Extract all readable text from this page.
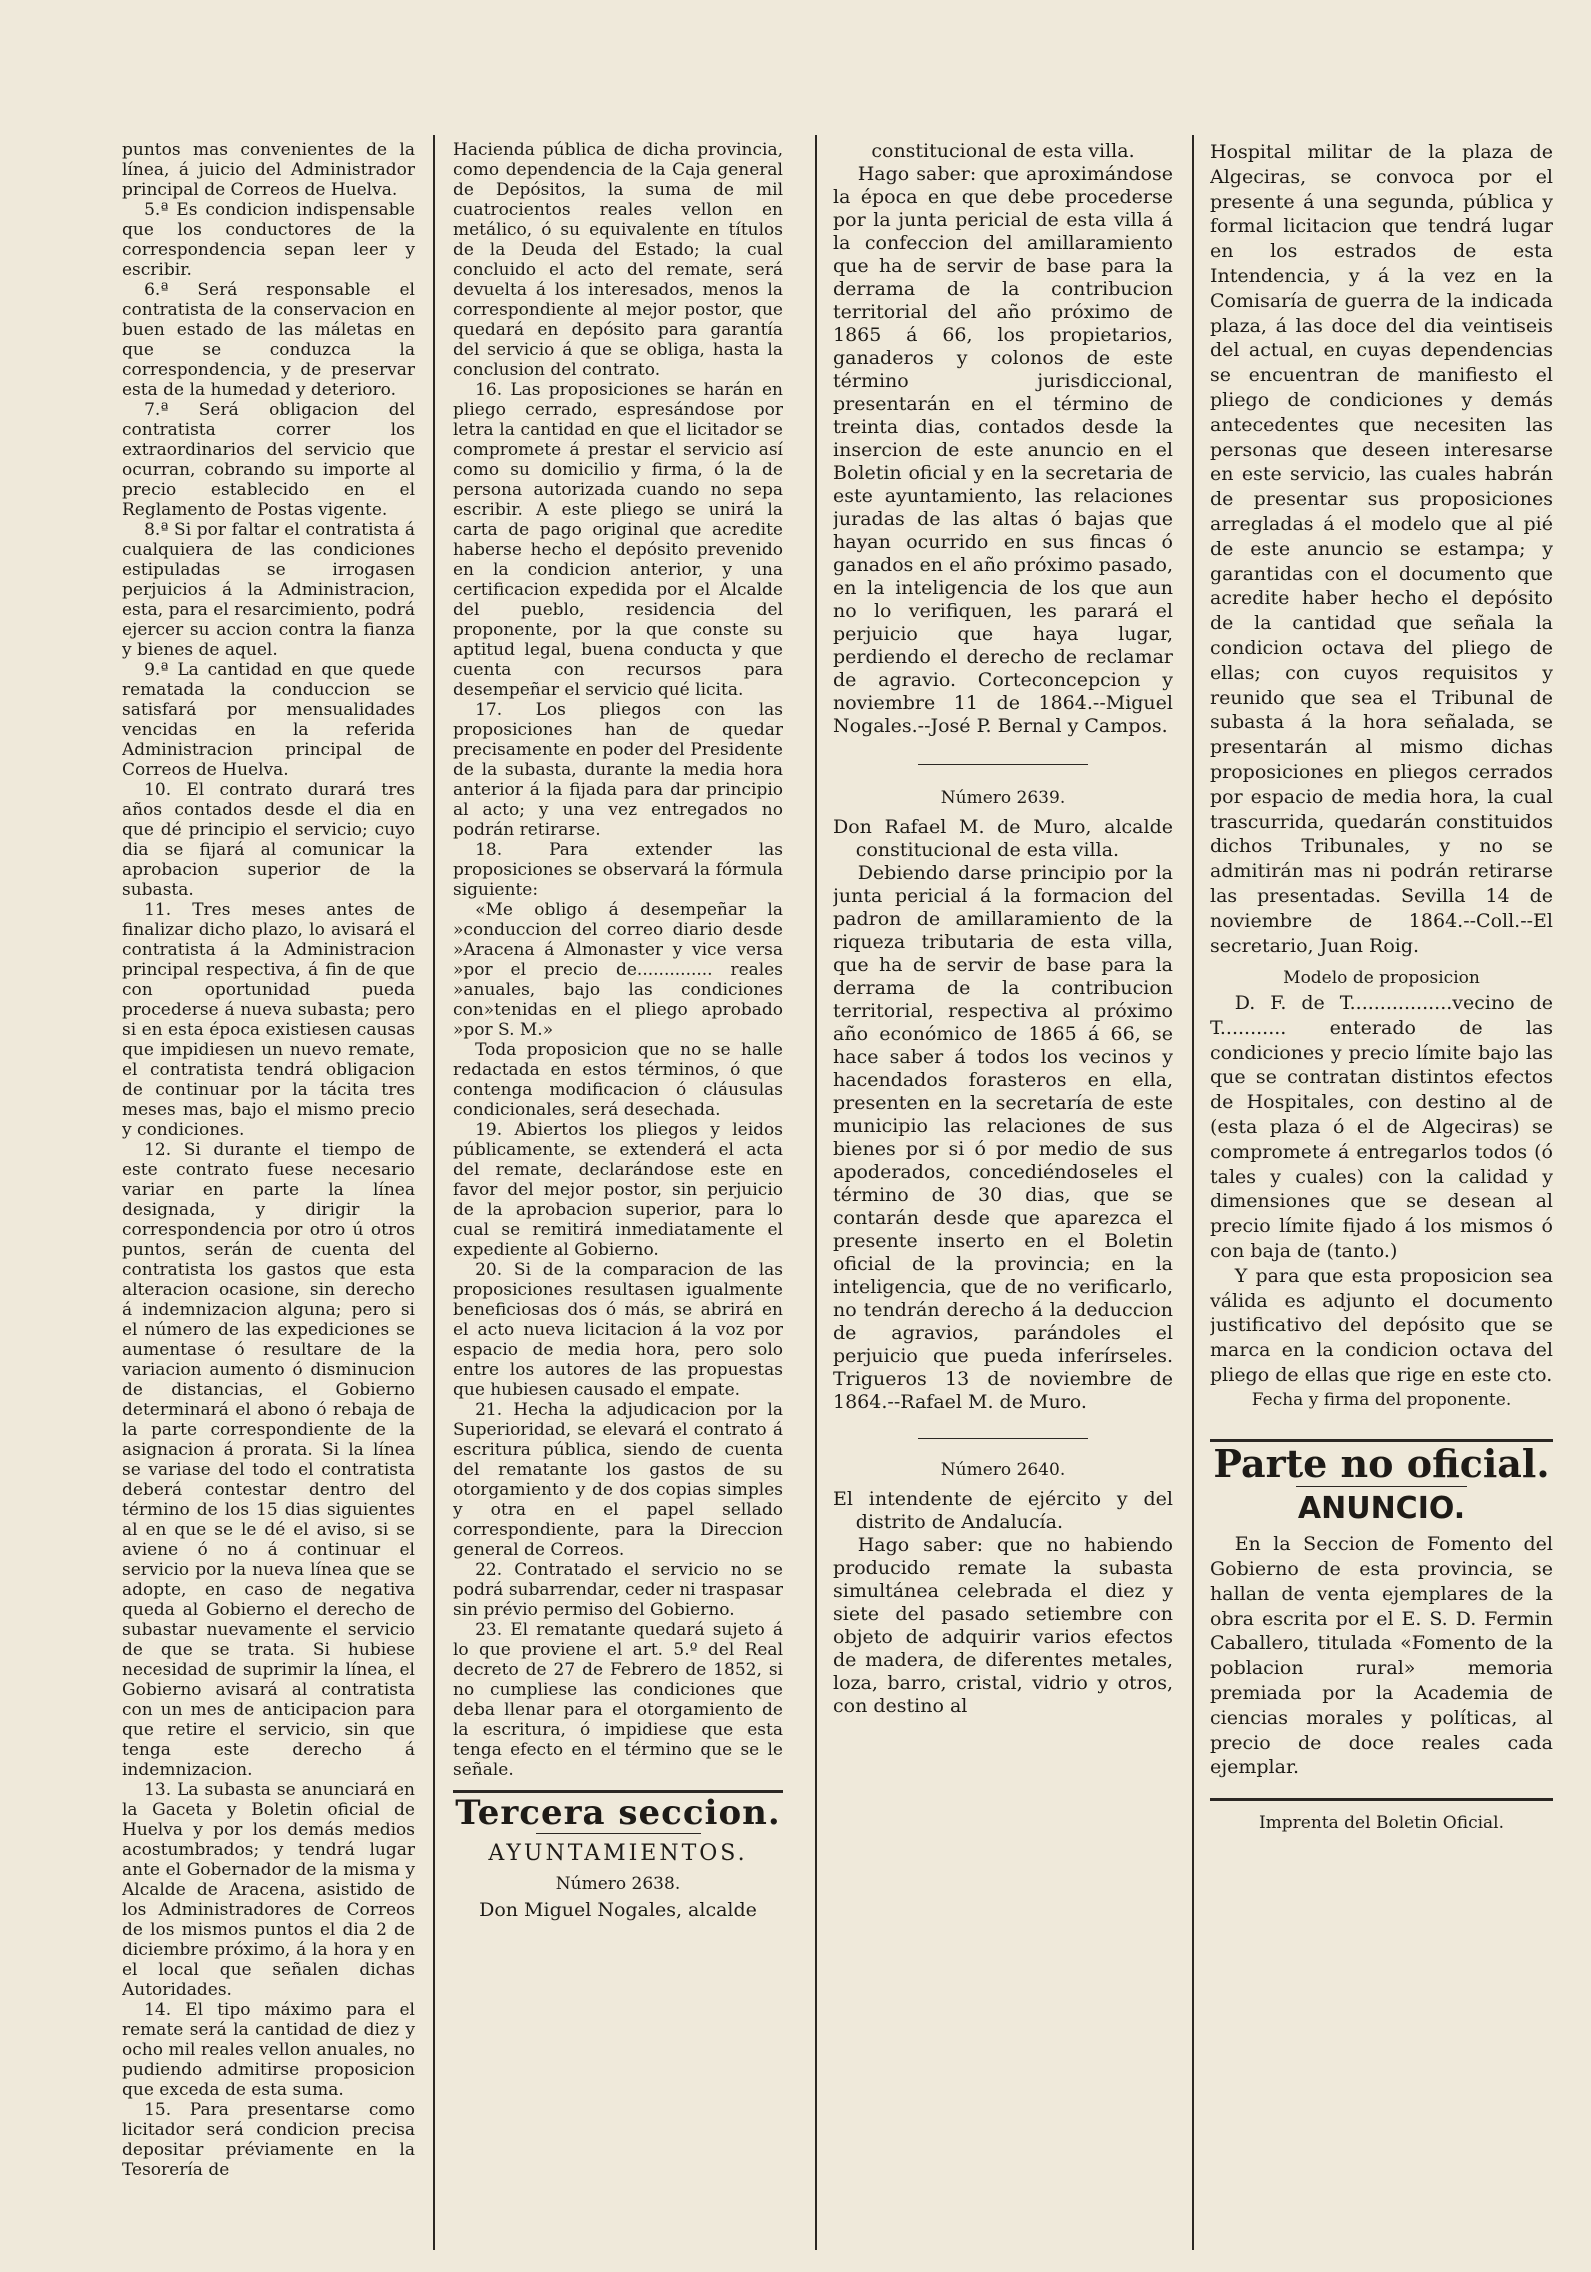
puntos mas convenientes de la línea, á juicio del Administrador principal de Correos de Huelva.

5.ª Es condicion indispensable que los conductores de la correspondencia sepan leer y escribir.

6.ª Será responsable el contratista de la conservacion en buen estado de las máletas en que se conduzca la correspondencia, y de preservar esta de la humedad y deterioro.

7.ª Será obligacion del contratista correr los extraordinarios del servicio que ocurran, cobrando su importe al precio establecido en el Reglamento de Postas vigente.

8.ª Si por faltar el contratista á cualquiera de las condiciones estipuladas se irrogasen perjuicios á la Administracion, esta, para el resarcimiento, podrá ejercer su accion contra la fianza y bienes de aquel.

9.ª La cantidad en que quede rematada la conduccion se satisfará por mensualidades vencidas en la referida Administracion principal de Correos de Huelva.

10. El contrato durará tres años contados desde el dia en que dé principio el servicio; cuyo dia se fijará al comunicar la aprobacion superior de la subasta.

11. Tres meses antes de finalizar dicho plazo, lo avisará el contratista á la Administracion principal respectiva, á fin de que con oportunidad pueda procederse á nueva subasta; pero si en esta época existiesen causas que impidiesen un nuevo remate, el contratista tendrá obligacion de continuar por la tácita tres meses mas, bajo el mismo precio y condiciones.

12. Si durante el tiempo de este contrato fuese necesario variar en parte la línea designada, y dirigir la correspondencia por otro ú otros puntos, serán de cuenta del contratista los gastos que esta alteracion ocasione, sin derecho á indemnizacion alguna; pero si el número de las expediciones se aumentase ó resultare de la variacion aumento ó disminucion de distancias, el Gobierno determinará el abono ó rebaja de la parte correspondiente de la asignacion á prorata. Si la línea se variase del todo el contratista deberá contestar dentro del término de los 15 dias siguientes al en que se le dé el aviso, si se aviene ó no á continuar el servicio por la nueva línea que se adopte, en caso de negativa queda al Gobierno el derecho de subastar nuevamente el servicio de que se trata. Si hubiese necesidad de suprimir la línea, el Gobierno avisará al contratista con un mes de anticipacion para que retire el servicio, sin que tenga este derecho á indemnizacion.

13. La subasta se anunciará en la Gaceta y Boletin oficial de Huelva y por los demás medios acostumbrados; y tendrá lugar ante el Gobernador de la misma y Alcalde de Aracena, asistido de los Administradores de Correos de los mismos puntos el dia 2 de diciembre próximo, á la hora y en el local que señalen dichas Autoridades.

14. El tipo máximo para el remate será la cantidad de diez y ocho mil reales vellon anuales, no pudiendo admitirse proposicion que exceda de esta suma.

15. Para presentarse como licitador será condicion precisa depositar préviamente en la Tesorería de

Hacienda pública de dicha provincia, como dependencia de la Caja general de Depósitos, la suma de mil cuatrocientos reales vellon en metálico, ó su equivalente en títulos de la Deuda del Estado; la cual concluido el acto del remate, será devuelta á los interesados, menos la correspondiente al mejor postor, que quedará en depósito para garantía del servicio á que se obliga, hasta la conclusion del contrato.

16. Las proposiciones se harán en pliego cerrado, espresándose por letra la cantidad en que el licitador se compromete á prestar el servicio así como su domicilio y firma, ó la de persona autorizada cuando no sepa escribir. A este pliego se unirá la carta de pago original que acredite haberse hecho el depósito prevenido en la condicion anterior, y una certificacion expedida por el Alcalde del pueblo, residencia del proponente, por la que conste su aptitud legal, buena conducta y que cuenta con recursos para desempeñar el servicio qué licita.

17. Los pliegos con las proposiciones han de quedar precisamente en poder del Presidente de la subasta, durante la media hora anterior á la fijada para dar principio al acto; y una vez entregados no podrán retirarse.

18. Para extender las proposiciones se observará la fórmula siguiente:

«Me obligo á desempeñar la »conduccion del correo diario desde »Aracena á Almonaster y vice versa »por el precio de.............. reales »anuales, bajo las condiciones con»tenidas en el pliego aprobado »por S. M.»

Toda proposicion que no se halle redactada en estos términos, ó que contenga modificacion ó cláusulas condicionales, será desechada.

19. Abiertos los pliegos y leidos públicamente, se extenderá el acta del remate, declarándose este en favor del mejor postor, sin perjuicio de la aprobacion superior, para lo cual se remitirá inmediatamente el expediente al Gobierno.

20. Si de la comparacion de las proposiciones resultasen igualmente beneficiosas dos ó más, se abrirá en el acto nueva licitacion á la voz por espacio de media hora, pero solo entre los autores de las propuestas que hubiesen causado el empate.

21. Hecha la adjudicacion por la Superioridad, se elevará el contrato á escritura pública, siendo de cuenta del rematante los gastos de su otorgamiento y de dos copias simples y otra en el papel sellado correspondiente, para la Direccion general de Correos.

22. Contratado el servicio no se podrá subarrendar, ceder ni traspasar sin prévio permiso del Gobierno.

23. El rematante quedará sujeto á lo que proviene el art. 5.º del Real decreto de 27 de Febrero de 1852, si no cumpliese las condiciones que deba llenar para el otorgamiento de la escritura, ó impidiese que esta tenga efecto en el término que se le señale.

Tercera seccion.
AYUNTAMIENTOS.
Número 2638.

Don Miguel Nogales, alcalde

constitucional de esta villa.

Hago saber: que aproximándose la época en que debe procederse por la junta pericial de esta villa á la confeccion del amillaramiento que ha de servir de base para la derrama de la contribucion territorial del año próximo de 1865 á 66, los propietarios, ganaderos y colonos de este término jurisdiccional, presentarán en el término de treinta dias, contados desde la insercion de este anuncio en el Boletin oficial y en la secretaria de este ayuntamiento, las relaciones juradas de las altas ó bajas que hayan ocurrido en sus fincas ó ganados en el año próximo pasado, en la inteligencia de los que aun no lo verifiquen, les parará el perjuicio que haya lugar, perdiendo el derecho de reclamar de agravio. Corteconcepcion y noviembre 11 de 1864.--Miguel Nogales.--José P. Bernal y Campos.

Número 2639.

Don Rafael M. de Muro, alcalde constitucional de esta villa.

Debiendo darse principio por la junta pericial á la formacion del padron de amillaramiento de la riqueza tributaria de esta villa, que ha de servir de base para la derrama de la contribucion territorial, respectiva al próximo año económico de 1865 á 66, se hace saber á todos los vecinos y hacendados forasteros en ella, presenten en la secretaría de este municipio las relaciones de sus bienes por si ó por medio de sus apoderados, concediéndoseles el término de 30 dias, que se contarán desde que aparezca el presente inserto en el Boletin oficial de la provincia; en la inteligencia, que de no verificarlo, no tendrán derecho á la deduccion de agravios, parándoles el perjuicio que pueda inferírseles. Trigueros 13 de noviembre de 1864.--Rafael M. de Muro.

Número 2640.

El intendente de ejército y del distrito de Andalucía.

Hago saber: que no habiendo producido remate la subasta simultánea celebrada el diez y siete del pasado setiembre con objeto de adquirir varios efectos de madera, de diferentes metales, loza, barro, cristal, vidrio y otros, con destino al

Hospital militar de la plaza de Algeciras, se convoca por el presente á una segunda, pública y formal licitacion que tendrá lugar en los estrados de esta Intendencia, y á la vez en la Comisaría de guerra de la indicada plaza, á las doce del dia veintiseis del actual, en cuyas dependencias se encuentran de manifiesto el pliego de condiciones y demás antecedentes que necesiten las personas que deseen interesarse en este servicio, las cuales habrán de presentar sus proposiciones arregladas á el modelo que al pié de este anuncio se estampa; y garantidas con el documento que acredite haber hecho el depósito de la cantidad que señala la condicion octava del pliego de ellas; con cuyos requisitos y reunido que sea el Tribunal de subasta á la hora señalada, se presentarán al mismo dichas proposiciones en pliegos cerrados por espacio de media hora, la cual trascurrida, quedarán constituidos dichos Tribunales, y no se admitirán mas ni podrán retirarse las presentadas. Sevilla 14 de noviembre de 1864.--Coll.--El secretario, Juan Roig.

Modelo de proposicion

D. F. de T.................vecino de T........... enterado de las condiciones y precio límite bajo las que se contratan distintos efectos de Hospitales, con destino al de (esta plaza ó el de Algeciras) se compromete á entregarlos todos (ó tales y cuales) con la calidad y dimensiones que se desean al precio límite fijado á los mismos ó con baja de (tanto.)

Y para que esta proposicion sea válida es adjunto el documento justificativo del depósito que se marca en la condicion octava del pliego de ellas que rige en este cto.

Fecha y firma del proponente.

Parte no oficial.
ANUNCIO.

En la Seccion de Fomento del Gobierno de esta provincia, se hallan de venta ejemplares de la obra escrita por el E. S. D. Fermin Caballero, titulada «Fomento de la poblacion rural» memoria premiada por la Academia de ciencias morales y políticas, al precio de doce reales cada ejemplar.

Imprenta del Boletin Oficial.
